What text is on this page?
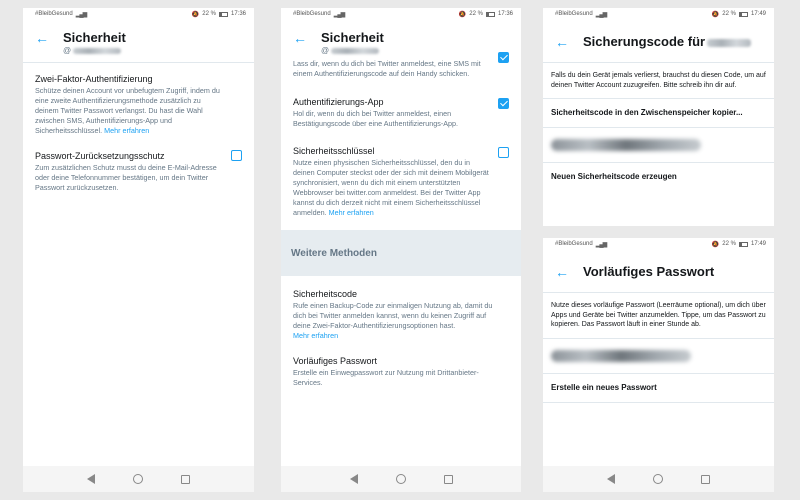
#BleibGesund ▂▄▆	🔕 22 %	17:36
←	Sicherheit
@
Zwei-Faktor-Authentifizierung
Schütze deinen Account vor unbefugtem Zugriff, indem du eine zweite Authentifizierungsmethode zusätzlich zu deinem Twitter Passwort verlangst. Du hast die Wahl zwischen SMS, Authentifizierungs-App und Sicherheitsschlüssel. Mehr erfahren
Passwort-Zurücksetzungsschutz
Zum zusätzlichen Schutz musst du deine E-Mail-Adresse oder deine Telefonnummer bestätigen, um dein Twitter Passwort zurückzusetzen.
#BleibGesund ▂▄▆	🔕 22 %	17:36
←	Sicherheit
@
Lass dir, wenn du dich bei Twitter anmeldest, eine SMS mit einem Authentifizierungscode auf dein Handy schicken.
Authentifizierungs-App
Hol dir, wenn du dich bei Twitter anmeldest, einen Bestätigungscode über eine Authentifizierungs-App.
Sicherheitsschlüssel
Nutze einen physischen Sicherheitsschlüssel, den du in deinen Computer steckst oder der sich mit deinem Mobilgerät synchronisiert, wenn du dich mit einem unterstützten Webbrowser bei twitter.com anmeldest. Bei der Twitter App kannst du dich derzeit nicht mit einem Sicherheitsschlüssel anmelden. Mehr erfahren
Weitere Methoden
Sicherheitscode
Rufe einen Backup-Code zur einmaligen Nutzung ab, damit du dich bei Twitter anmelden kannst, wenn du keinen Zugriff auf deine Zwei-Faktor-Authentifizierungsoptionen hast.
Mehr erfahren
Vorläufiges Passwort
Erstelle ein Einwegpasswort zur Nutzung mit Drittanbieter-Services.
#BleibGesund ▂▄▆	🔕 22 %	17:49
←	Sicherungscode für
Falls du dein Gerät jemals verlierst, brauchst du diesen Code, um auf deinen Twitter Account zuzugreifen. Bitte schreib ihn dir auf.
Sicherheitscode in den Zwischenspeicher kopier...
Neuen Sicherheitscode erzeugen
#BleibGesund ▂▄▆	🔕 22 %	17:49
←	Vorläufiges Passwort
Nutze dieses vorläufige Passwort (Leerräume optional), um dich über Apps und Geräte bei Twitter anzumelden. Tippe, um das Passwort zu kopieren. Das Passwort läuft in einer Stunde ab.
Erstelle ein neues Passwort
